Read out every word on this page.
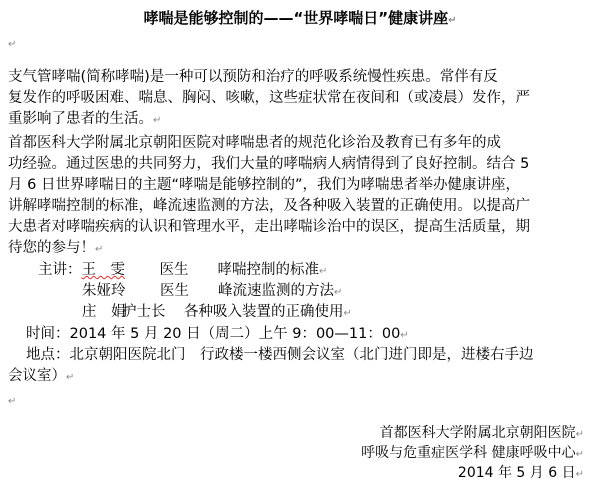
哮喘是能够控制的——“世界哮喘日”健康讲座↵
↵
支气管哮喘(简称哮喘)是一种可以预防和治疗的呼吸系统慢性疾患。常伴有反
复发作的呼吸困难、喘息、胸闷、咳嗽，这些症状常在夜间和（或凌晨）发作，严
重影响了患者的生活。↵
首都医科大学附属北京朝阳医院对哮喘患者的规范化诊治及教育已有多年的成
功经验。通过医患的共同努力，我们大量的哮喘病人病情得到了良好控制。结合 5
月 6 日世界哮喘日的主题“哮喘是能够控制的”，我们为哮喘患者举办健康讲座，
讲解哮喘控制的标准，峰流速监测的方法，及各种吸入装置的正确使用。以提高广
大患者对哮喘疾病的认识和管理水平，走出哮喘诊治中的误区，提高生活质量，期
待您的参与！↵
主讲：王　雯 医生 哮喘控制的标准↵
朱娅玲 医生 峰流速监测的方法↵
庄　娟护士长 各种吸入装置的正确使用↵
时间：2014 年 5 月 20 日（周二）上午 9：00—11：00↵
地点：北京朝阳医院北门　行政楼一楼西侧会议室（北门进门即是，进楼右手边
会议室）↵
↵
首都医科大学附属北京朝阳医院↵
呼吸与危重症医学科 健康呼吸中心↵
2014 年 5 月 6 日↵
